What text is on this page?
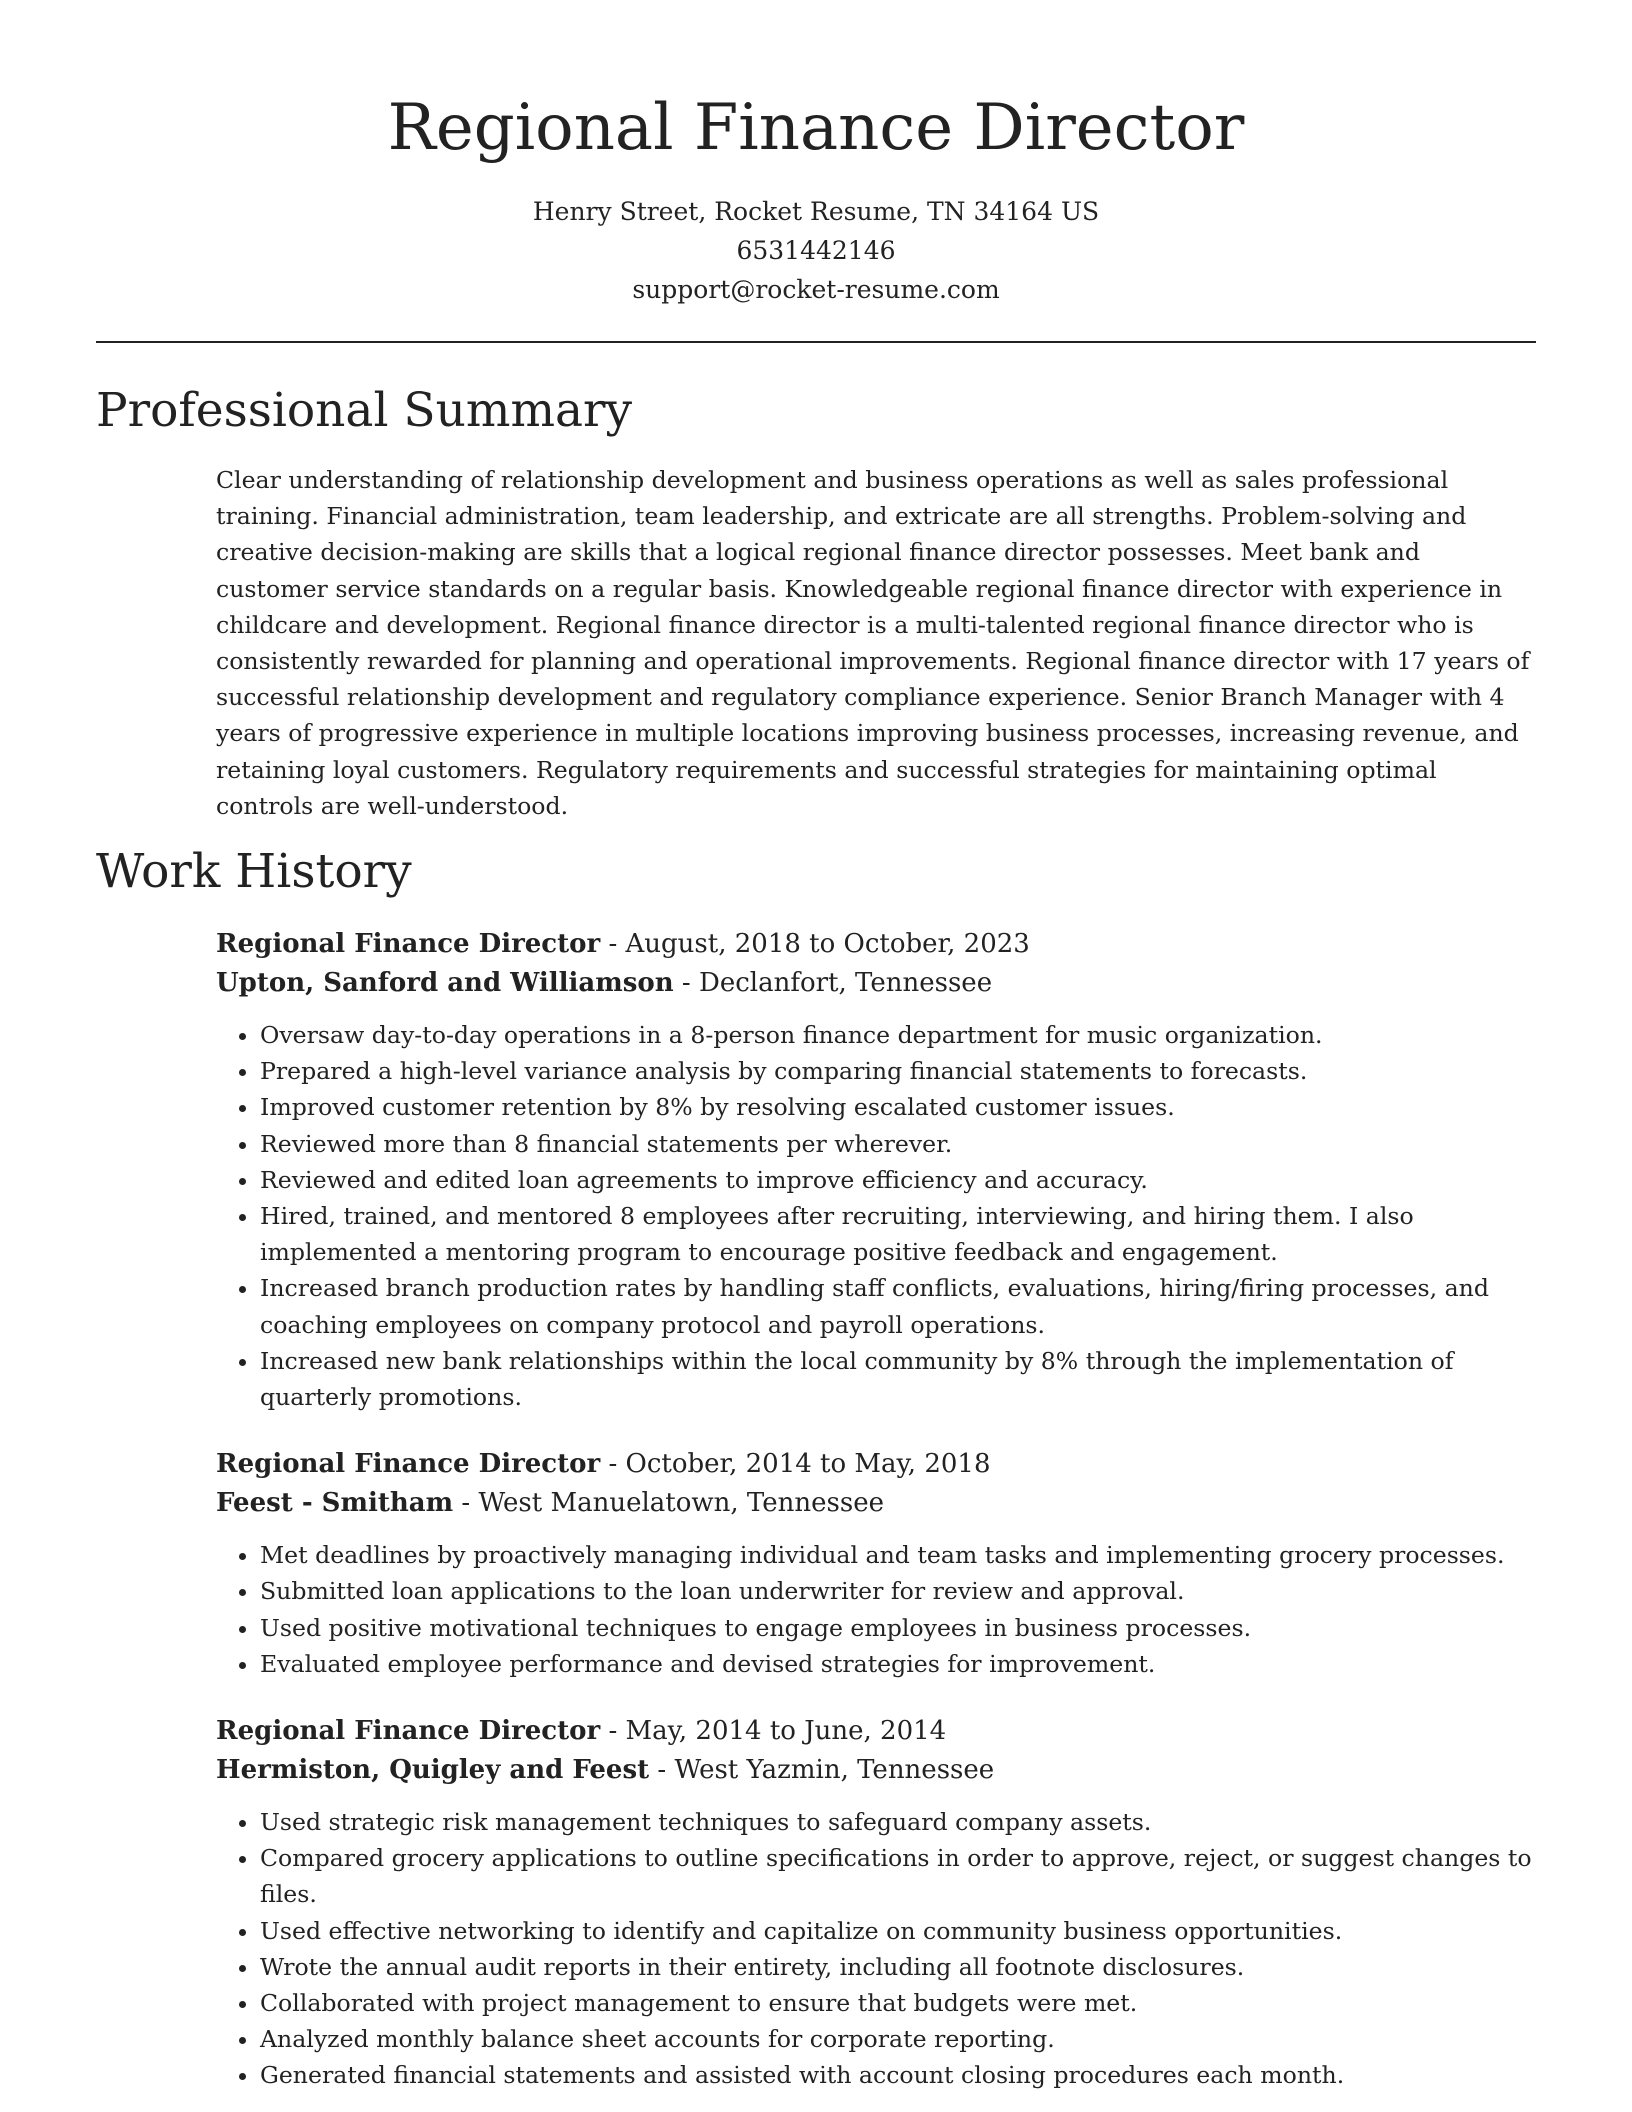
Regional Finance Director
Henry Street, Rocket Resume, TN 34164 US
6531442146
support@rocket-resume.com
Professional Summary

Clear understanding of relationship development and business operations as well as sales professional training. Financial administration, team leadership, and extricate are all strengths. Problem-solving and creative decision-making are skills that a logical regional finance director possesses. Meet bank and customer service standards on a regular basis. Knowledgeable regional finance director with experience in childcare and development. Regional finance director is a multi-talented regional finance director who is consistently rewarded for planning and operational improvements. Regional finance director with 17 years of successful relationship development and regulatory compliance experience. Senior Branch Manager with 4 years of progressive experience in multiple locations improving business processes, increasing revenue, and retaining loyal customers. Regulatory requirements and successful strategies for maintaining optimal controls are well-understood.

Work History
Regional Finance Director - August, 2018 to October, 2023
Upton, Sanford and Williamson - Declanfort, Tennessee
• Oversaw day-to-day operations in a 8-person finance department for music organization.
• Prepared a high-level variance analysis by comparing financial statements to forecasts.
• Improved customer retention by 8% by resolving escalated customer issues.
• Reviewed more than 8 financial statements per wherever.
• Reviewed and edited loan agreements to improve efficiency and accuracy.
• Hired, trained, and mentored 8 employees after recruiting, interviewing, and hiring them. I also implemented a mentoring program to encourage positive feedback and engagement.
• Increased branch production rates by handling staff conflicts, evaluations, hiring/firing processes, and coaching employees on company protocol and payroll operations.
• Increased new bank relationships within the local community by 8% through the implementation of quarterly promotions.
Regional Finance Director - October, 2014 to May, 2018
Feest - Smitham - West Manuelatown, Tennessee
• Met deadlines by proactively managing individual and team tasks and implementing grocery processes.
• Submitted loan applications to the loan underwriter for review and approval.
• Used positive motivational techniques to engage employees in business processes.
• Evaluated employee performance and devised strategies for improvement.
Regional Finance Director - May, 2014 to June, 2014
Hermiston, Quigley and Feest - West Yazmin, Tennessee
• Used strategic risk management techniques to safeguard company assets.
• Compared grocery applications to outline specifications in order to approve, reject, or suggest changes to files.
• Used effective networking to identify and capitalize on community business opportunities.
• Wrote the annual audit reports in their entirety, including all footnote disclosures.
• Collaborated with project management to ensure that budgets were met.
• Analyzed monthly balance sheet accounts for corporate reporting.
• Generated financial statements and assisted with account closing procedures each month.
